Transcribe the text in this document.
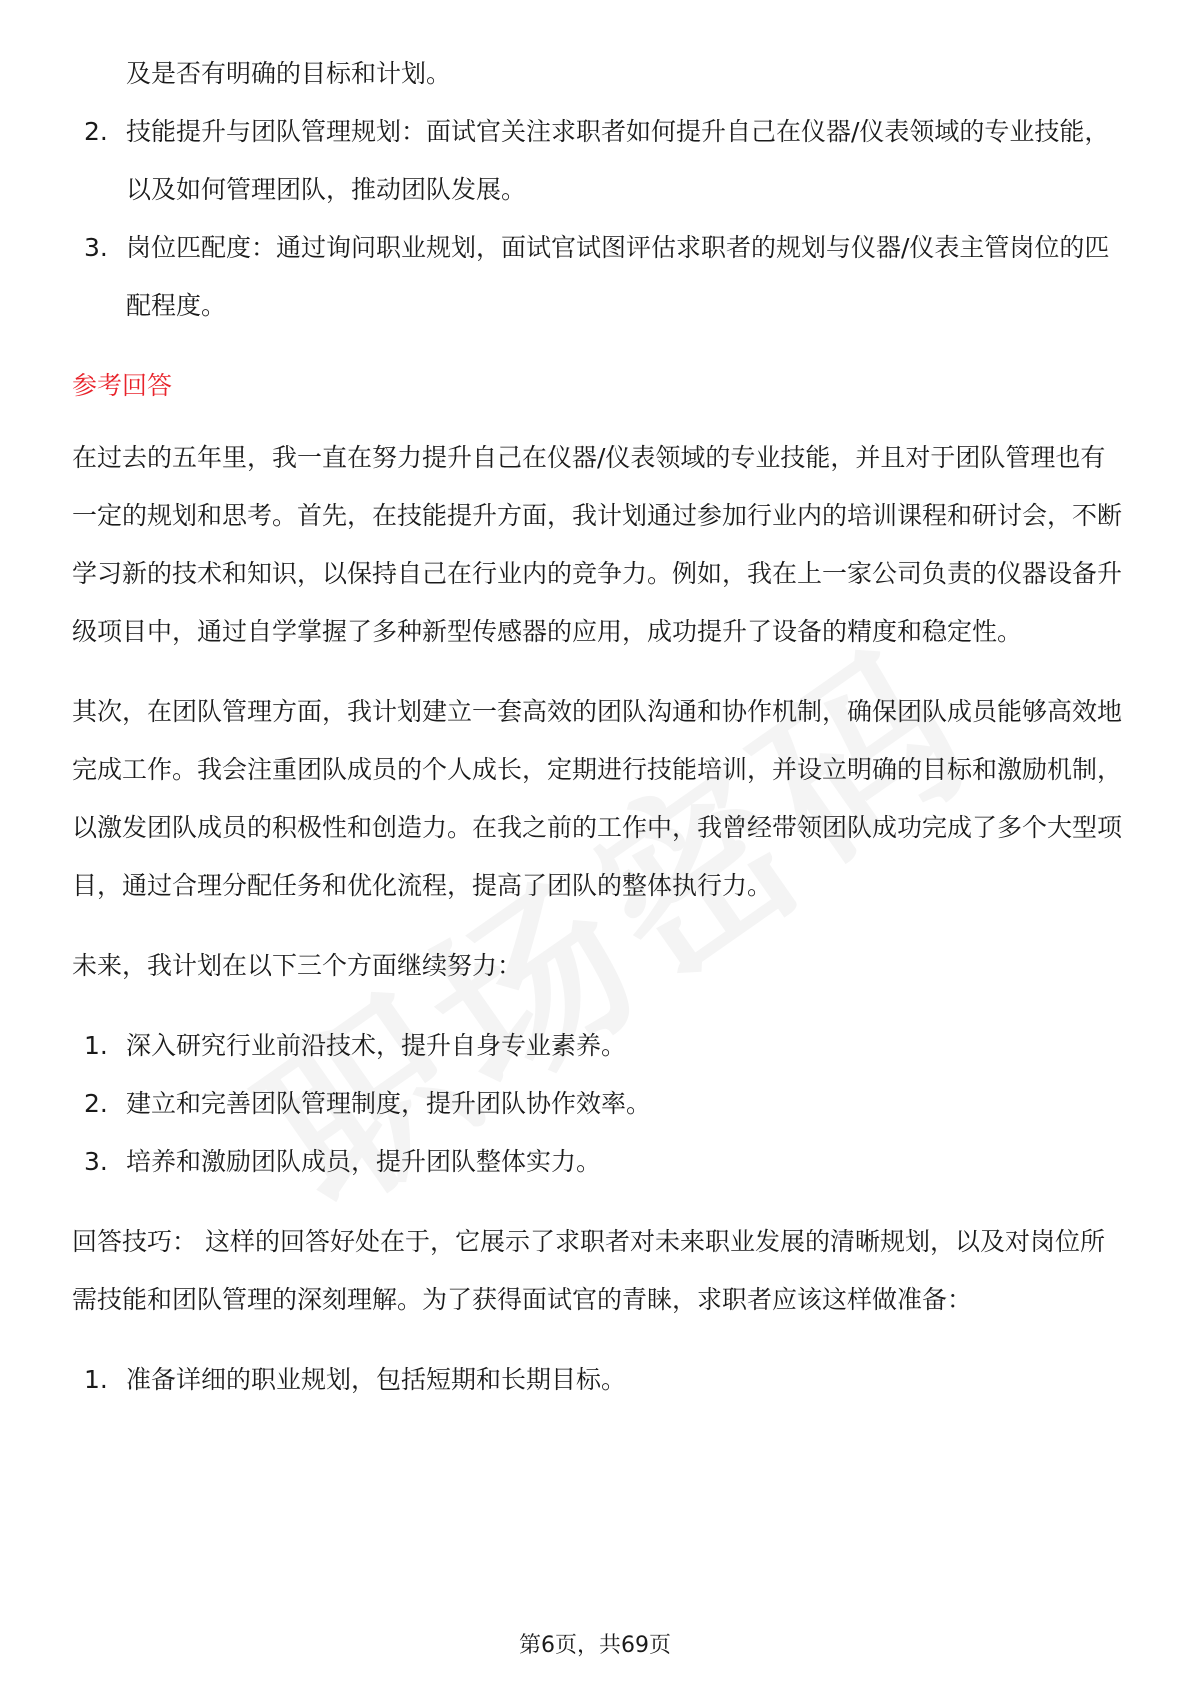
及是否有明确的目标和计划。

2. 技能提升与团队管理规划：面试官关注求职者如何提升自己在仪器/仪表领域的专业技能，以及如何管理团队，推动团队发展。
3. 岗位匹配度：通过询问职业规划，面试官试图评估求职者的规划与仪器/仪表主管岗位的匹配程度。

参考回答

在过去的五年里，我一直在努力提升自己在仪器/仪表领域的专业技能，并且对于团队管理也有一定的规划和思考。首先，在技能提升方面，我计划通过参加行业内的培训课程和研讨会，不断学习新的技术和知识，以保持自己在行业内的竞争力。例如，我在上一家公司负责的仪器设备升级项目中，通过自学掌握了多种新型传感器的应用，成功提升了设备的精度和稳定性。

其次，在团队管理方面，我计划建立一套高效的团队沟通和协作机制，确保团队成员能够高效地完成工作。我会注重团队成员的个人成长，定期进行技能培训，并设立明确的目标和激励机制，以激发团队成员的积极性和创造力。在我之前的工作中，我曾经带领团队成功完成了多个大型项目，通过合理分配任务和优化流程，提高了团队的整体执行力。

未来，我计划在以下三个方面继续努力：

1. 深入研究行业前沿技术，提升自身专业素养。
2. 建立和完善团队管理制度，提升团队协作效率。
3. 培养和激励团队成员，提升团队整体实力。

回答技巧： 这样的回答好处在于，它展示了求职者对未来职业发展的清晰规划，以及对岗位所需技能和团队管理的深刻理解。为了获得面试官的青睐，求职者应该这样做准备：

1. 准备详细的职业规划，包括短期和长期目标。
第6页，共69页
